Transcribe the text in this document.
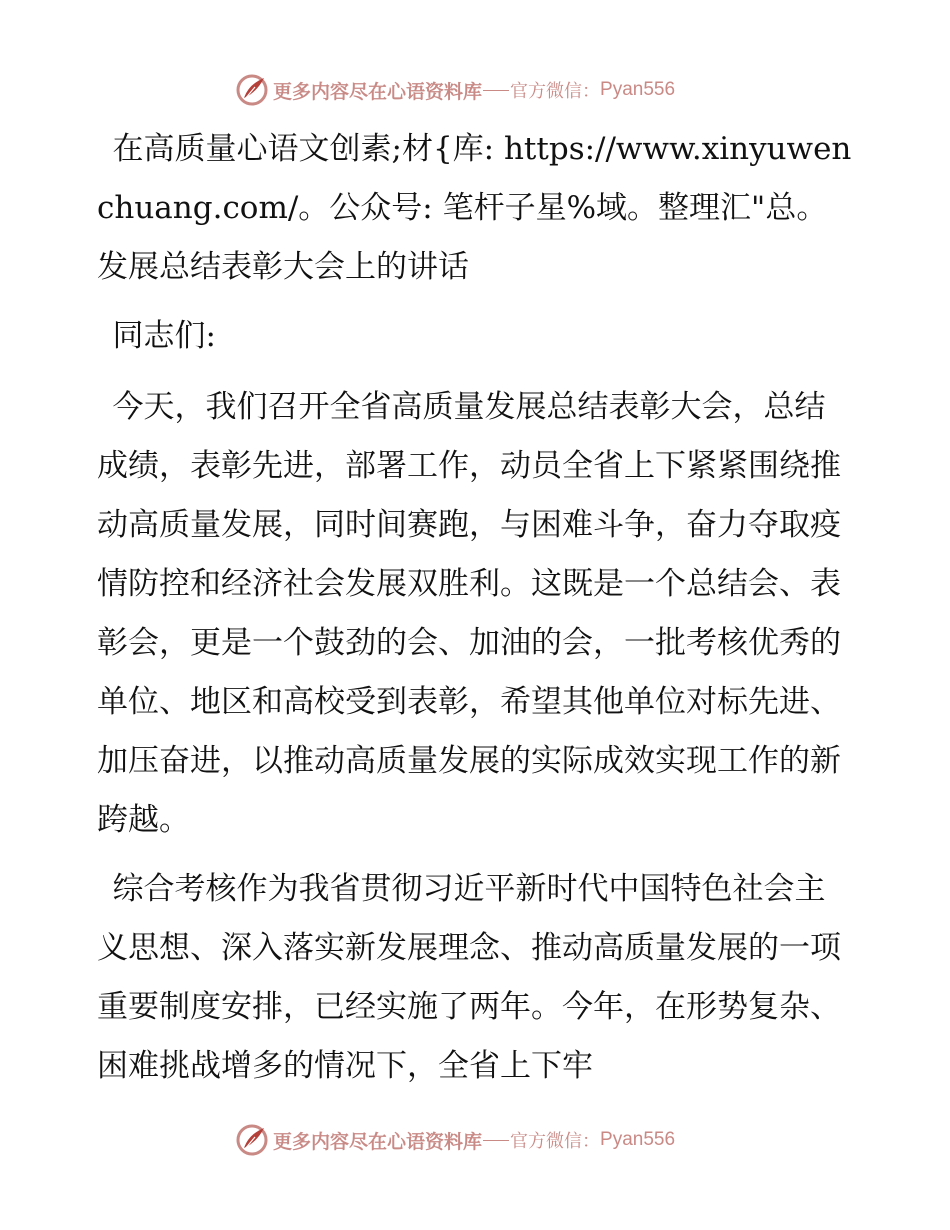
更多内容尽在心语资料库 官方微信： Pyan556

在高质量心语文创素;材{库: https://www.xinyuwenchuang.com/。公众号: 笔杆子星%域。整理汇"总。发展总结表彰大会上的讲话

同志们:

今天，我们召开全省高质量发展总结表彰大会，总结成绩，表彰先进，部署工作，动员全省上下紧紧围绕推动高质量发展，同时间赛跑，与困难斗争，奋力夺取疫情防控和经济社会发展双胜利。这既是一个总结会、表彰会，更是一个鼓劲的会、加油的会，一批考核优秀的单位、地区和高校受到表彰，希望其他单位对标先进、加压奋进，以推动高质量发展的实际成效实现工作的新跨越。

综合考核作为我省贯彻习近平新时代中国特色社会主义思想、深入落实新发展理念、推动高质量发展的一项重要制度安排，已经实施了两年。今年，在形势复杂、困难挑战增多的情况下，全省上下牢

更多内容尽在心语资料库 官方微信： Pyan556
